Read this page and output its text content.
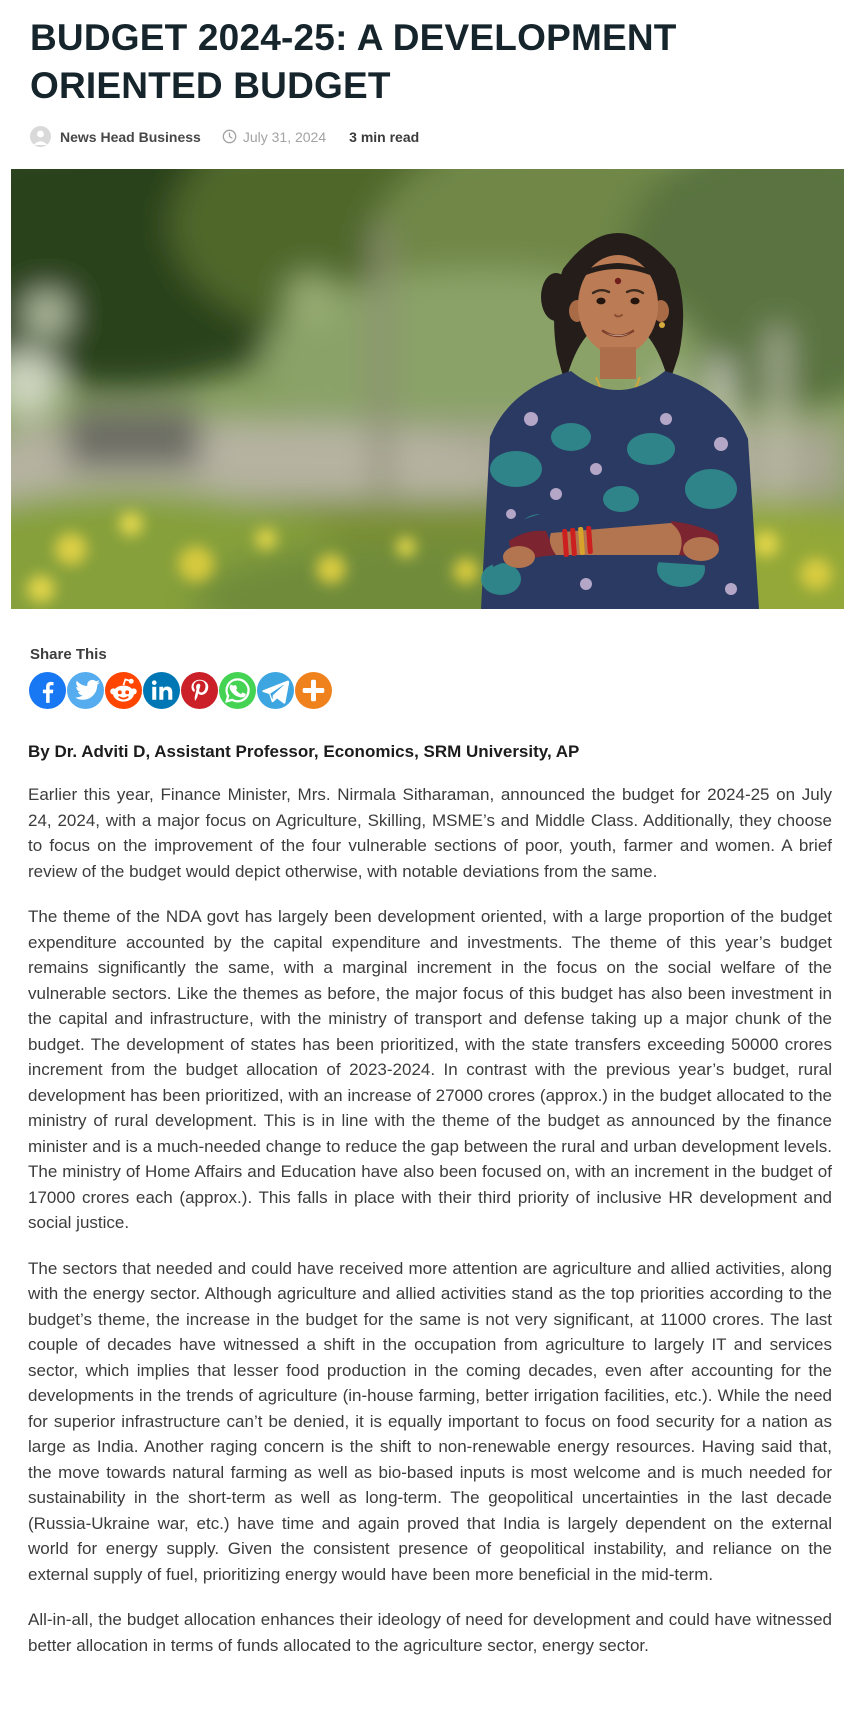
BUDGET 2024-25: A DEVELOPMENT
ORIENTED BUDGET
News Head Business	July 31, 2024 3 min read
Share This
By Dr. Adviti D, Assistant Professor, Economics, SRM University, AP

Earlier this year, Finance Minister, Mrs. Nirmala Sitharaman, announced the budget for 2024-25 on July 24, 2024, with a major focus on Agriculture, Skilling, MSME’s and Middle Class. Additionally, they choose to focus on the improvement of the four vulnerable sections of poor, youth, farmer and women. A brief review of the budget would depict otherwise, with notable deviations from the same.

The theme of the NDA govt has largely been development oriented, with a large proportion of the budget expenditure accounted by the capital expenditure and investments. The theme of this year’s budget remains significantly the same, with a marginal increment in the focus on the social welfare of the vulnerable sectors. Like the themes as before, the major focus of this budget has also been investment in the capital and infrastructure, with the ministry of transport and defense taking up a major chunk of the budget. The development of states has been prioritized, with the state transfers exceeding 50000 crores increment from the budget allocation of 2023-2024. In contrast with the previous year’s budget, rural development has been prioritized, with an increase of 27000 crores (approx.) in the budget allocated to the ministry of rural development. This is in line with the theme of the budget as announced by the finance minister and is a much-needed change to reduce the gap between the rural and urban development levels. The ministry of Home Affairs and Education have also been focused on, with an increment in the budget of 17000 crores each (approx.). This falls in place with their third priority of inclusive HR development and social justice.

The sectors that needed and could have received more attention are agriculture and allied activities, along with the energy sector. Although agriculture and allied activities stand as the top priorities according to the budget’s theme, the increase in the budget for the same is not very significant, at 11000 crores. The last couple of decades have witnessed a shift in the occupation from agriculture to largely IT and services sector, which implies that lesser food production in the coming decades, even after accounting for the developments in the trends of agriculture (in-house farming, better irrigation facilities, etc.). While the need for superior infrastructure can’t be denied, it is equally important to focus on food security for a nation as large as India. Another raging concern is the shift to non-renewable energy resources. Having said that, the move towards natural farming as well as bio-based inputs is most welcome and is much needed for sustainability in the short-term as well as long-term. The geopolitical uncertainties in the last decade (Russia-Ukraine war, etc.) have time and again proved that India is largely dependent on the external world for energy supply. Given the consistent presence of geopolitical instability, and reliance on the external supply of fuel, prioritizing energy would have been more beneficial in the mid-term.

All-in-all, the budget allocation enhances their ideology of need for development and could have witnessed better allocation in terms of funds allocated to the agriculture sector, energy sector.
